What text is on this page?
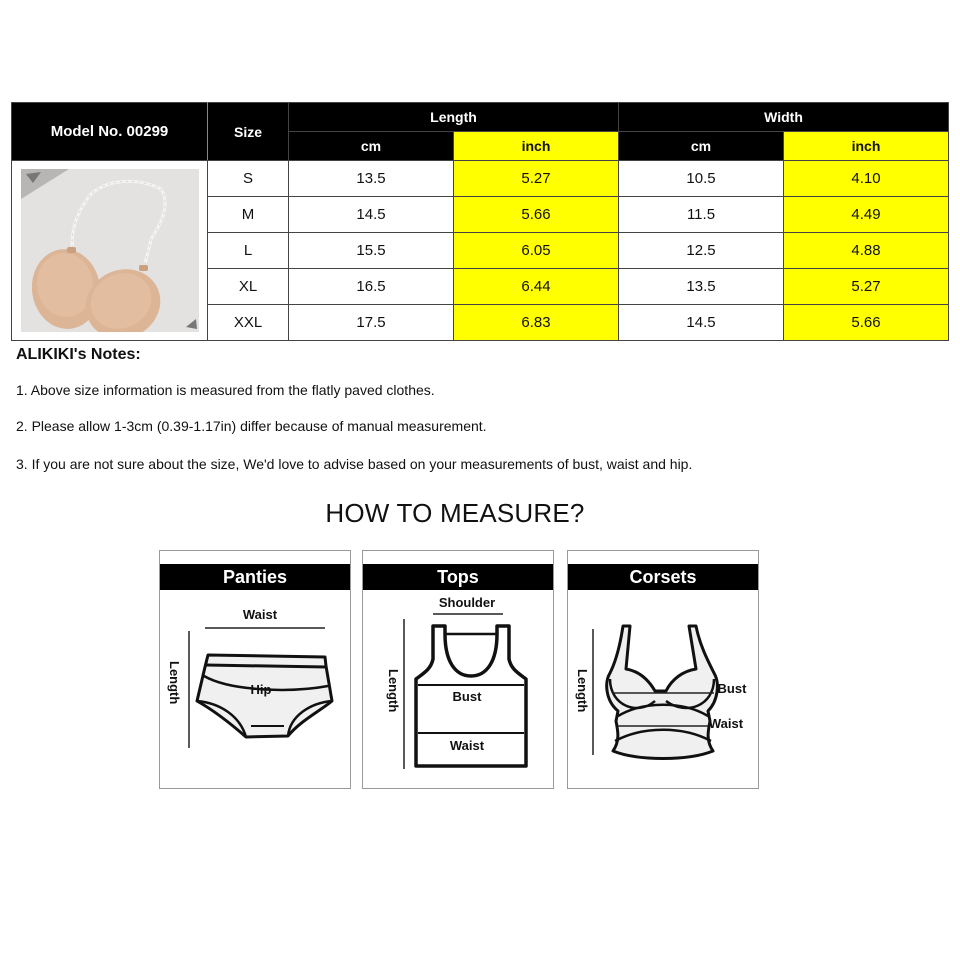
Model No. 00299	Size	Length		Width	
		cm	inch	cm	inch

	S	13.5	5.27	10.5	4.10
	M	14.5	5.66	11.5	4.49
	L	15.5	6.05	12.5	4.88
	XL	16.5	6.44	13.5	5.27
	XXL	17.5	6.83	14.5	5.66

ALIKIKI's Notes:

1. Above size information is measured from the flatly paved clothes.
2. Please allow 1-3cm (0.39-1.17in) differ because of manual measurement.
3. If you are not sure about the size, We'd love to advise based on your measurements of bust, waist and hip.
HOW TO MEASURE?
Panties
Waist
Length	Hip
Tops
Shoulder
Length	Bust
Waist
Corsets
Length	Bust
Waist
